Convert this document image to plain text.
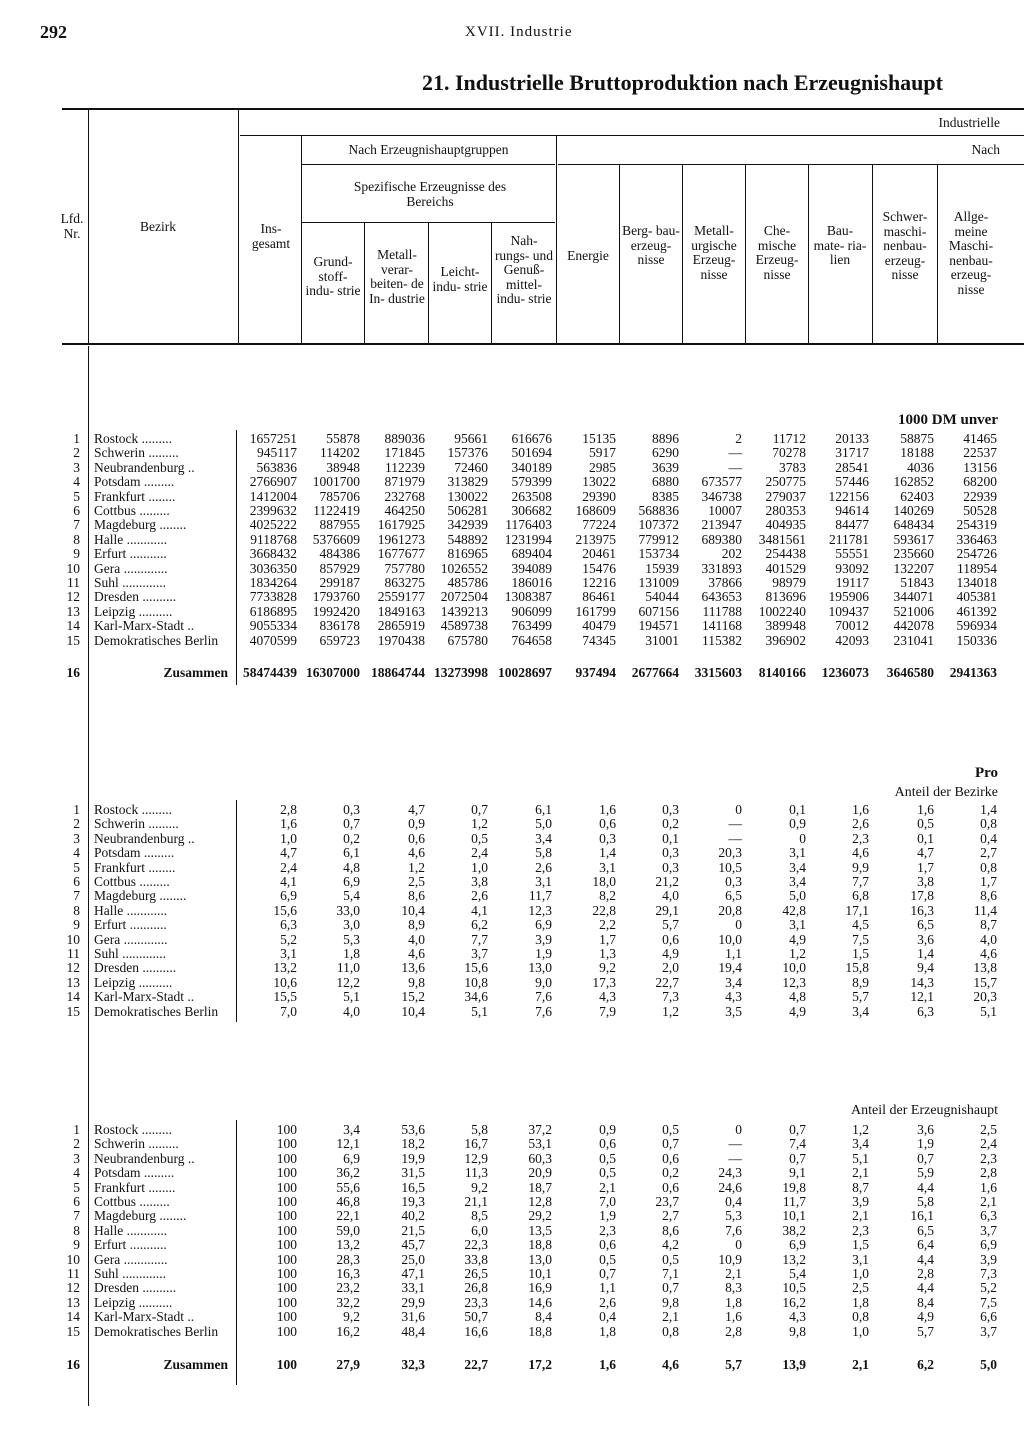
292	XVII. Industrie
21. Industrielle Bruttoproduktion nach Erzeugnishaupt
Industrielle
Nach
Nach Erzeugnishauptgruppen
Spezifische Erzeugnisse des Bereichs
Lfd. Nr.	Bezirk	Ins- gesamt
Grund- stoff- indu- strie
Metall- verar- beiten- de In- dustrie
Leicht- indu- strie
Nah- rungs- und Genuß- mittel- indu- strie
Energie
Berg- bau- erzeug- nisse
Metall- urgische Erzeug- nisse
Che- mische Erzeug- nisse
Bau- mate- ria- lien
Schwer- maschi- nenbau- erzeug- nisse
Allge- meine Maschi- nenbau- erzeug- nisse
1000 DM unver
Pro
Anteil der Bezirke
Anteil der Erzeugnishaupt
1 Rostock .........	1657251	55878	889036	95661	616676	15135	8896	2	11712	20133	58875	41465
2 Schwerin .........	945117	114202	171845	157376	501694	5917	6290	—	70278	31717	18188	22537
3 Neubrandenburg ..	563836	38948	112239	72460	340189	2985	3639	—	3783	28541	4036	13156
4 Potsdam .........	2766907	1001700	871979	313829	579399	13022	6880	673577	250775	57446	162852	68200
5 Frankfurt ........	1412004	785706	232768	130022	263508	29390	8385	346738	279037	122156	62403	22939
6 Cottbus .........	2399632	1122419	464250	506281	306682	168609	568836	10007	280353	94614	140269	50528
7 Magdeburg ........	4025222	887955	1617925	342939	1176403	77224	107372	213947	404935	84477	648434	254319
8 Halle ............	9118768	5376609	1961273	548892	1231994	213975	779912	689380	3481561	211781	593617	336463
9 Erfurt ...........	3668432	484386	1677677	816965	689404	20461	153734	202	254438	55551	235660	254726
10 Gera .............	3036350	857929	757780	1026552	394089	15476	15939	331893	401529	93092	132207	118954
11 Suhl .............	1834264	299187	863275	485786	186016	12216	131009	37866	98979	19117	51843	134018
12 Dresden ..........	7733828	1793760	2559177	2072504	1308387	86461	54044	643653	813696	195906	344071	405381
13 Leipzig ..........	6186895	1992420	1849163	1439213	906099	161799	607156	111788	1002240	109437	521006	461392
14 Karl-Marx-Stadt ..	9055334	836178	2865919	4589738	763499	40479	194571	141168	389948	70012	442078	596934
15 Demokratisches Berlin	4070599	659723	1970438	675780	764658	74345	31001	115382	396902	42093	231041	150336
16	Zusammen	58474439 16307000 18864744 13273998 10028697	937494	2677664	3315603	8140166	1236073	3646580	2941363
1 Rostock .........	2,8	0,3	4,7	0,7	6,1	1,6	0,3	0	0,1	1,6	1,6	1,4
2 Schwerin .........	1,6	0,7	0,9	1,2	5,0	0,6	0,2	—	0,9	2,6	0,5	0,8
3 Neubrandenburg ..	1,0	0,2	0,6	0,5	3,4	0,3	0,1	—	0	2,3	0,1	0,4
4 Potsdam .........	4,7	6,1	4,6	2,4	5,8	1,4	0,3	20,3	3,1	4,6	4,7	2,7
5 Frankfurt ........	2,4	4,8	1,2	1,0	2,6	3,1	0,3	10,5	3,4	9,9	1,7	0,8
6 Cottbus .........	4,1	6,9	2,5	3,8	3,1	18,0	21,2	0,3	3,4	7,7	3,8	1,7
7 Magdeburg ........	6,9	5,4	8,6	2,6	11,7	8,2	4,0	6,5	5,0	6,8	17,8	8,6
8 Halle ............	15,6	33,0	10,4	4,1	12,3	22,8	29,1	20,8	42,8	17,1	16,3	11,4
9 Erfurt ...........	6,3	3,0	8,9	6,2	6,9	2,2	5,7	0	3,1	4,5	6,5	8,7
10 Gera .............	5,2	5,3	4,0	7,7	3,9	1,7	0,6	10,0	4,9	7,5	3,6	4,0
11 Suhl .............	3,1	1,8	4,6	3,7	1,9	1,3	4,9	1,1	1,2	1,5	1,4	4,6
12 Dresden ..........	13,2	11,0	13,6	15,6	13,0	9,2	2,0	19,4	10,0	15,8	9,4	13,8
13 Leipzig ..........	10,6	12,2	9,8	10,8	9,0	17,3	22,7	3,4	12,3	8,9	14,3	15,7
14 Karl-Marx-Stadt ..	15,5	5,1	15,2	34,6	7,6	4,3	7,3	4,3	4,8	5,7	12,1	20,3
15 Demokratisches Berlin	7,0	4,0	10,4	5,1	7,6	7,9	1,2	3,5	4,9	3,4	6,3	5,1
1 Rostock .........	100	3,4	53,6	5,8	37,2	0,9	0,5	0	0,7	1,2	3,6	2,5
2 Schwerin .........	100	12,1	18,2	16,7	53,1	0,6	0,7	—	7,4	3,4	1,9	2,4
3 Neubrandenburg ..	100	6,9	19,9	12,9	60,3	0,5	0,6	—	0,7	5,1	0,7	2,3
4 Potsdam .........	100	36,2	31,5	11,3	20,9	0,5	0,2	24,3	9,1	2,1	5,9	2,8
5 Frankfurt ........	100	55,6	16,5	9,2	18,7	2,1	0,6	24,6	19,8	8,7	4,4	1,6
6 Cottbus .........	100	46,8	19,3	21,1	12,8	7,0	23,7	0,4	11,7	3,9	5,8	2,1
7 Magdeburg ........	100	22,1	40,2	8,5	29,2	1,9	2,7	5,3	10,1	2,1	16,1	6,3
8 Halle ............	100	59,0	21,5	6,0	13,5	2,3	8,6	7,6	38,2	2,3	6,5	3,7
9 Erfurt ...........	100	13,2	45,7	22,3	18,8	0,6	4,2	0	6,9	1,5	6,4	6,9
10 Gera .............	100	28,3	25,0	33,8	13,0	0,5	0,5	10,9	13,2	3,1	4,4	3,9
11 Suhl .............	100	16,3	47,1	26,5	10,1	0,7	7,1	2,1	5,4	1,0	2,8	7,3
12 Dresden ..........	100	23,2	33,1	26,8	16,9	1,1	0,7	8,3	10,5	2,5	4,4	5,2
13 Leipzig ..........	100	32,2	29,9	23,3	14,6	2,6	9,8	1,8	16,2	1,8	8,4	7,5
14 Karl-Marx-Stadt ..	100	9,2	31,6	50,7	8,4	0,4	2,1	1,6	4,3	0,8	4,9	6,6
15 Demokratisches Berlin	100	16,2	48,4	16,6	18,8	1,8	0,8	2,8	9,8	1,0	5,7	3,7
16	Zusammen	100	27,9	32,3	22,7	17,2	1,6	4,6	5,7	13,9	2,1	6,2	5,0
